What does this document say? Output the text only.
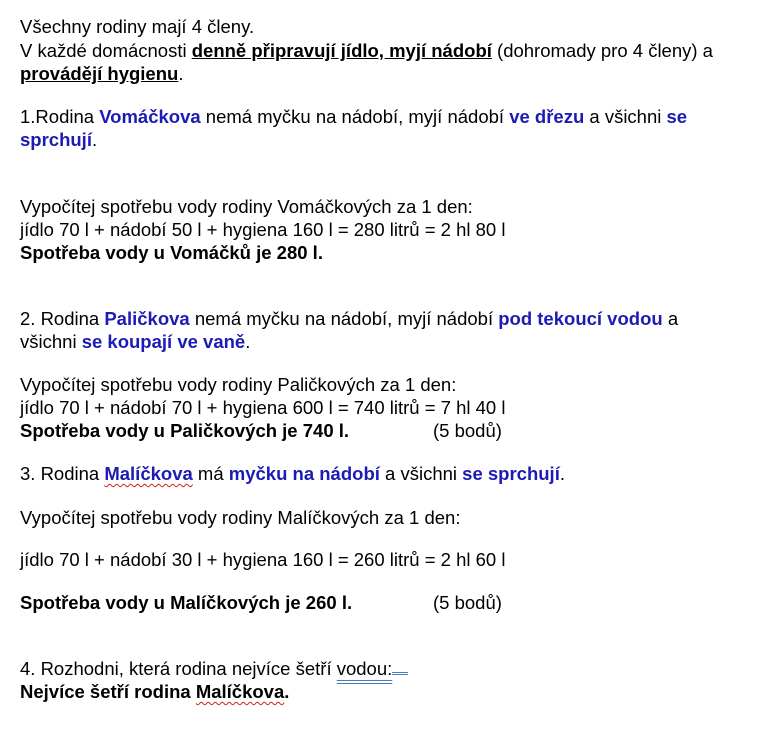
Všechny rodiny mají 4 členy.
V každé domácnosti denně připravují jídlo, myjí nádobí (dohromady pro 4 členy) a
provádějí hygienu.
1.Rodina Vomáčkova nemá myčku na nádobí, myjí nádobí ve dřezu a všichni se
sprchují.
Vypočítej spotřebu vody rodiny Vomáčkových za 1 den:
jídlo 70 l + nádobí 50 l + hygiena 160 l = 280 litrů = 2 hl 80 l
Spotřeba vody u Vomáčků je 280 l.
2. Rodina Paličkova nemá myčku na nádobí, myjí nádobí pod tekoucí vodou a
všichni se koupají ve vaně.
Vypočítej spotřebu vody rodiny Paličkových za 1 den:
jídlo 70 l + nádobí 70 l + hygiena 600 l = 740 litrů = 7 hl 40 l
Spotřeba vody u Paličkových je 740 l.	(5 bodů)
3. Rodina Malíčkova má myčku na nádobí a všichni se sprchují.
Vypočítej spotřebu vody rodiny Malíčkových za 1 den:
jídlo 70 l + nádobí 30 l + hygiena 160 l = 260 litrů = 2 hl 60 l
Spotřeba vody u Malíčkových je 260 l.	(5 bodů)
4. Rozhodni, která rodina nejvíce šetří vodou:
Nejvíce šetří rodina Malíčkova.
